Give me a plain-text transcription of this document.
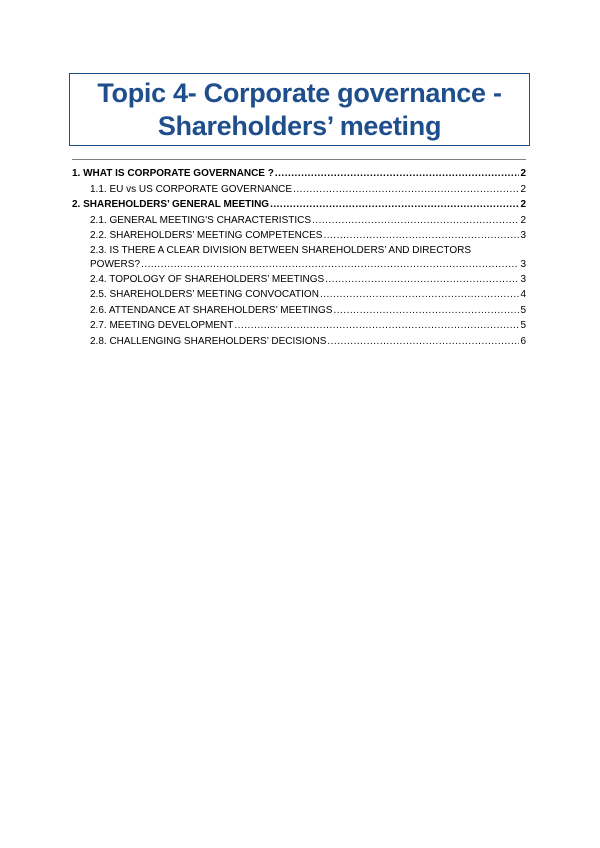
Topic 4- Corporate governance -
Shareholders’ meeting
1. WHAT IS CORPORATE GOVERNANCE ? .....	2
1.1. EU vs US CORPORATE GOVERNANCE .....	2
2. SHAREHOLDERS’ GENERAL MEETING .....	2
2.1. GENERAL MEETING'S CHARACTERISTICS .....	2
2.2. SHAREHOLDERS’ MEETING COMPETENCES .....	3
2.3. IS THERE A CLEAR DIVISION BETWEEN SHAREHOLDERS’ AND DIRECTORS
POWERS? .....	3
2.4. TOPOLOGY OF SHAREHOLDERS’ MEETINGS .....	3
2.5. SHAREHOLDERS’ MEETING CONVOCATION .....	4
2.6. ATTENDANCE AT SHAREHOLDERS’ MEETINGS .....	5
2.7. MEETING DEVELOPMENT .....	5
2.8. CHALLENGING SHAREHOLDERS’ DECISIONS .....	6
